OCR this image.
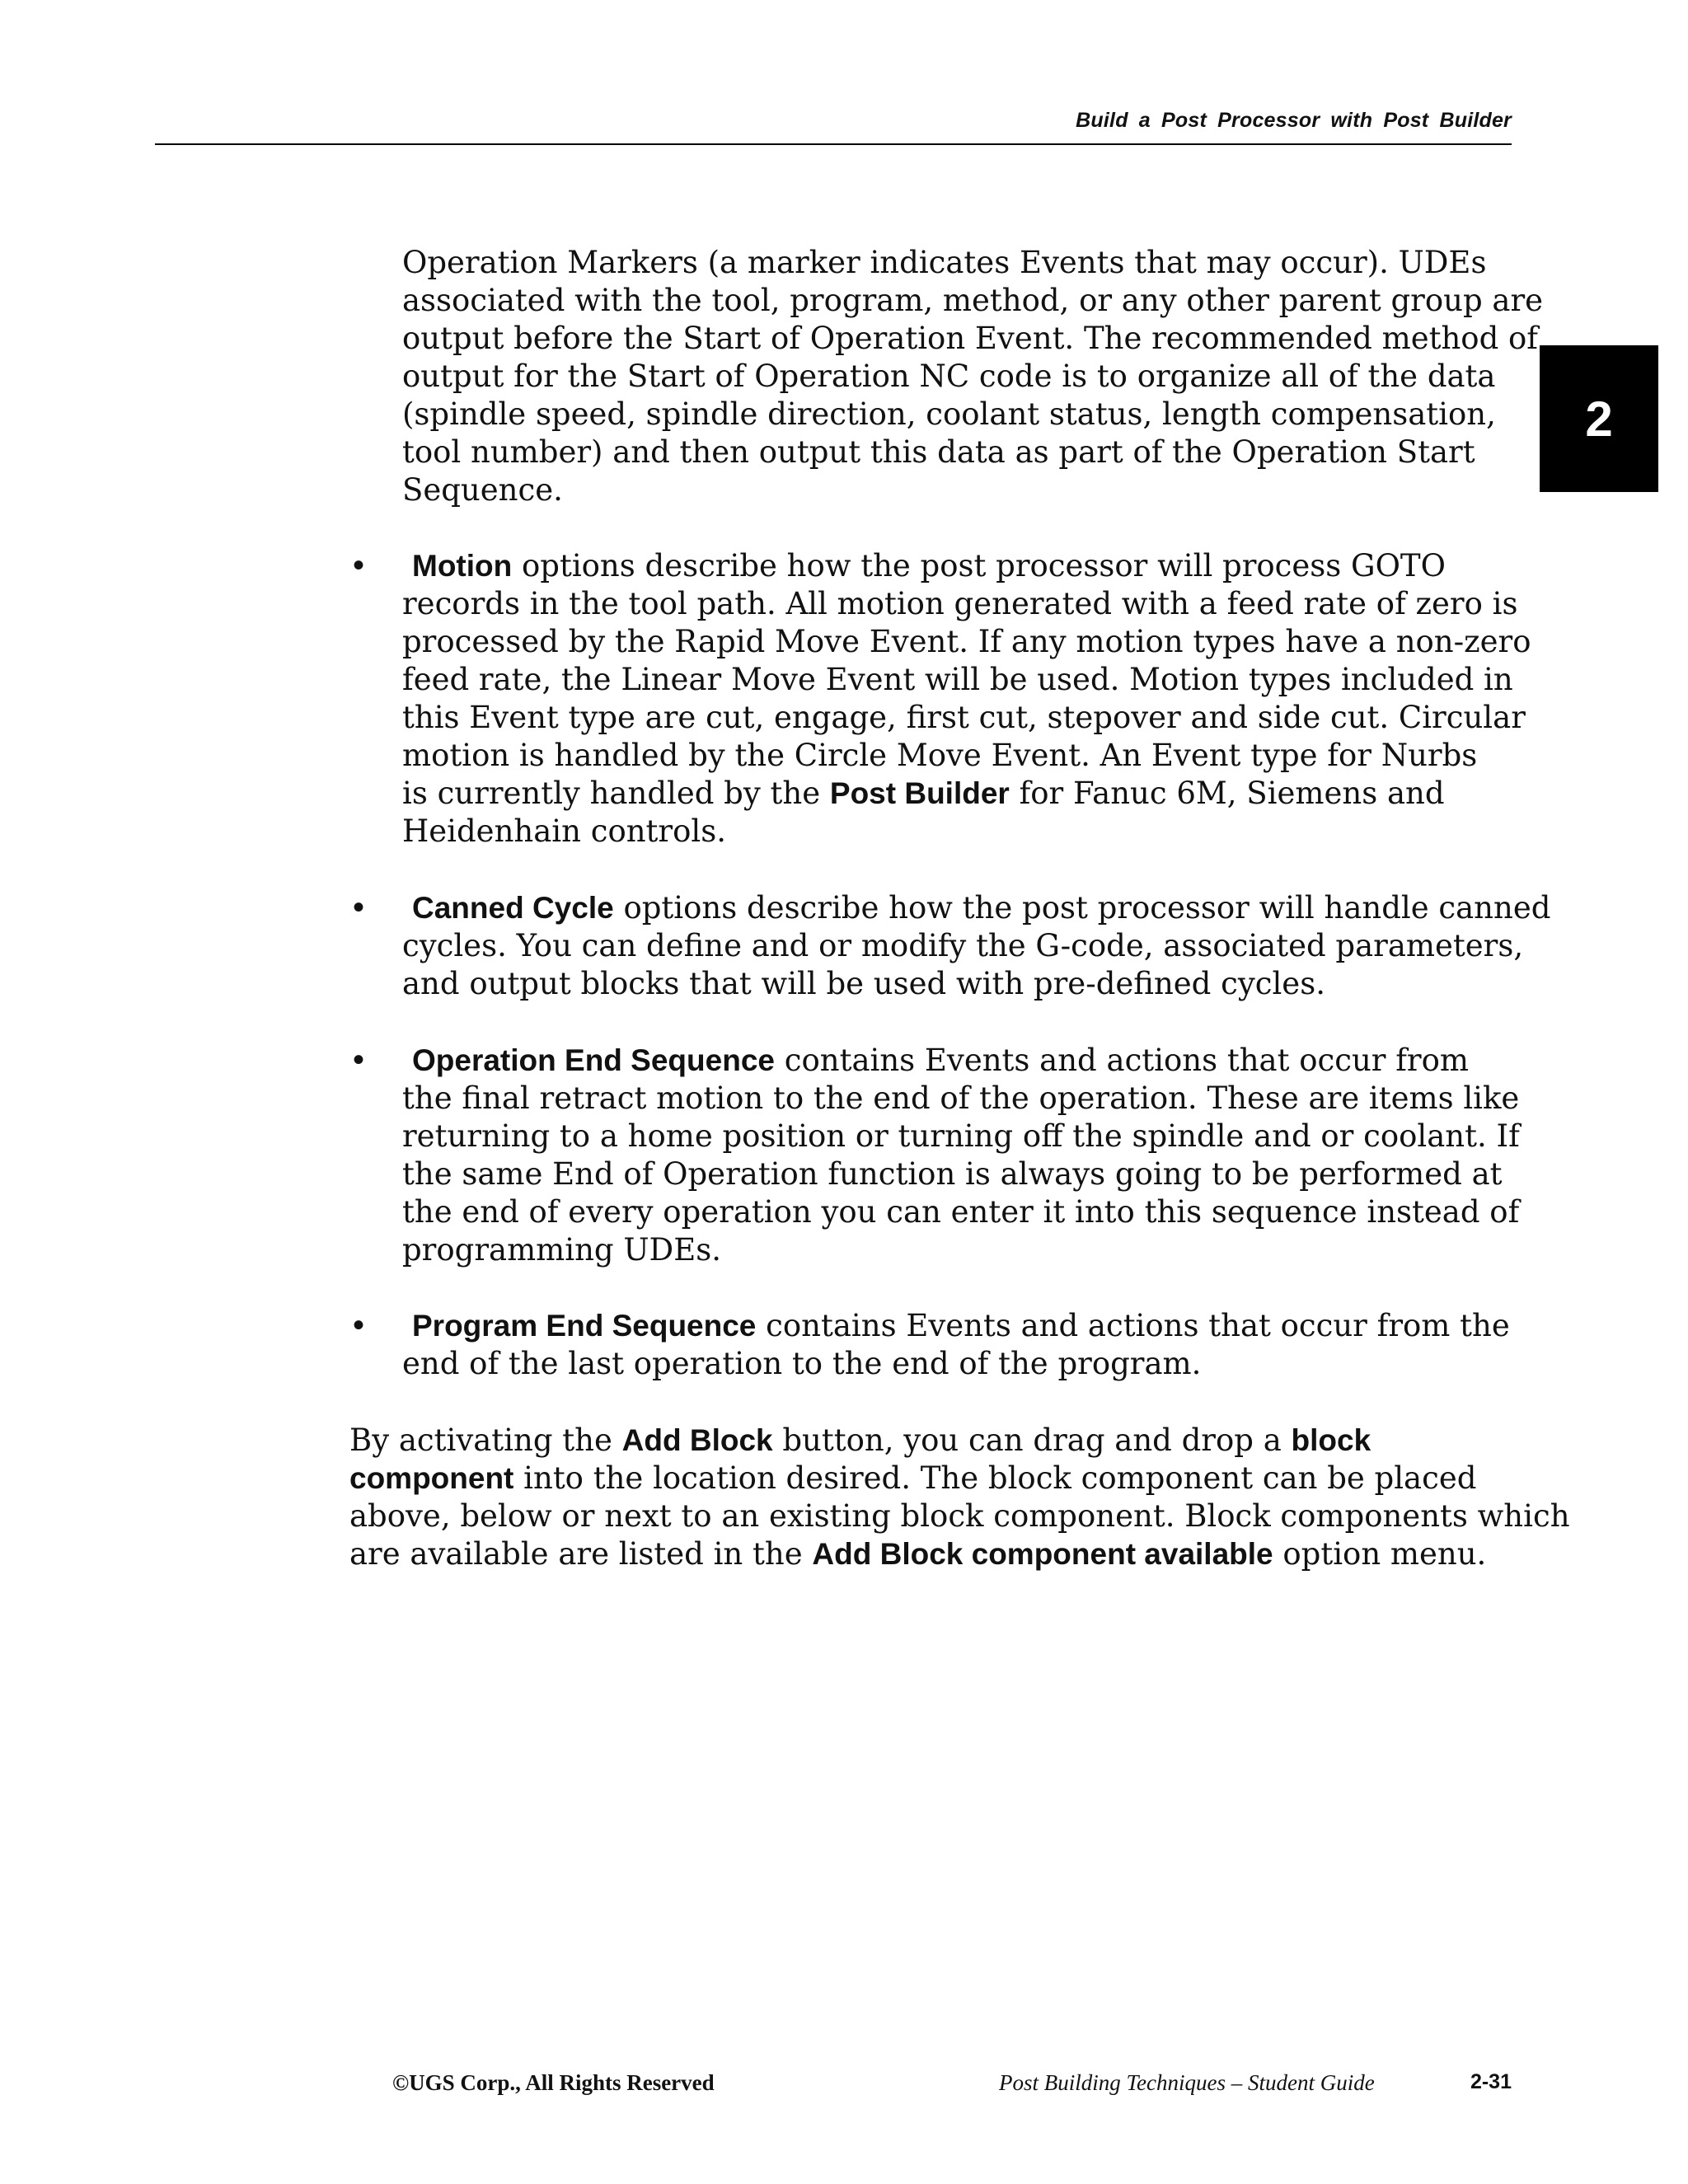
Build a Post Processor with Post Builder
2

Operation Markers (a marker indicates Events that may occur). UDEs
associated with the tool, program, method, or any other parent group are
output before the Start of Operation Event. The recommended method of
output for the Start of Operation NC code is to organize all of the data
(spindle speed, spindle direction, coolant status, length compensation,
tool number) and then output this data as part of the Operation Start
Sequence.

•	Motion options describe how the post processor will process GOTO
records in the tool path. All motion generated with a feed rate of zero is
processed by the Rapid Move Event. If any motion types have a non-zero
feed rate, the Linear Move Event will be used. Motion types included in
this Event type are cut, engage, first cut, stepover and side cut. Circular
motion is handled by the Circle Move Event. An Event type for Nurbs
is currently handled by the Post Builder for Fanuc 6M, Siemens and
Heidenhain controls.

•	Canned Cycle options describe how the post processor will handle canned
cycles. You can define and or modify the G-code, associated parameters,
and output blocks that will be used with pre-defined cycles.

•	Operation End Sequence contains Events and actions that occur from
the final retract motion to the end of the operation. These are items like
returning to a home position or turning off the spindle and or coolant. If
the same End of Operation function is always going to be performed at
the end of every operation you can enter it into this sequence instead of
programming UDEs.

•	Program End Sequence contains Events and actions that occur from the
end of the last operation to the end of the program.

By activating the Add Block button, you can drag and drop a block
component into the location desired. The block component can be placed
above, below or next to an existing block component. Block components which
are available are listed in the Add Block component available option menu.

©UGS Corp., All Rights Reserved	Post Building Techniques – Student Guide	2-31
